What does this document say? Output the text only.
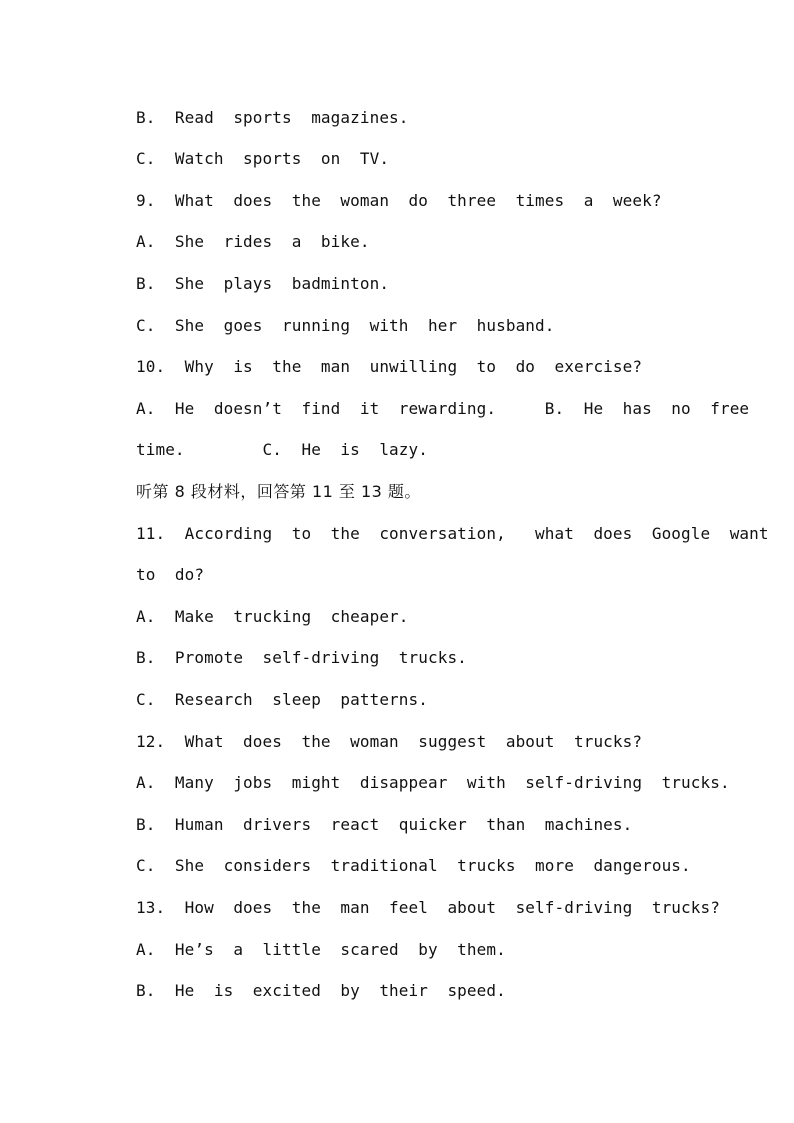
B.  Read  sports  magazines.
C.  Watch  sports  on  TV.
9.  What  does  the  woman  do  three  times  a  week?
A.  She  rides  a  bike.
B.  She  plays  badminton.
C.  She  goes  running  with  her  husband.
10.  Why  is  the  man  unwilling  to  do  exercise?
A.  He  doesn’t  find  it  rewarding.     B.  He  has  no  free
time.        C.  He  is  lazy.
听第 8 段材料，回答第 11 至 13 题。
11.  According  to  the  conversation,   what  does  Google  want
to  do?
A.  Make  trucking  cheaper.
B.  Promote  self-driving  trucks.
C.  Research  sleep  patterns.
12.  What  does  the  woman  suggest  about  trucks?
A.  Many  jobs  might  disappear  with  self-driving  trucks.
B.  Human  drivers  react  quicker  than  machines.
C.  She  considers  traditional  trucks  more  dangerous.
13.  How  does  the  man  feel  about  self-driving  trucks?
A.  He’s  a  little  scared  by  them.
B.  He  is  excited  by  their  speed.
